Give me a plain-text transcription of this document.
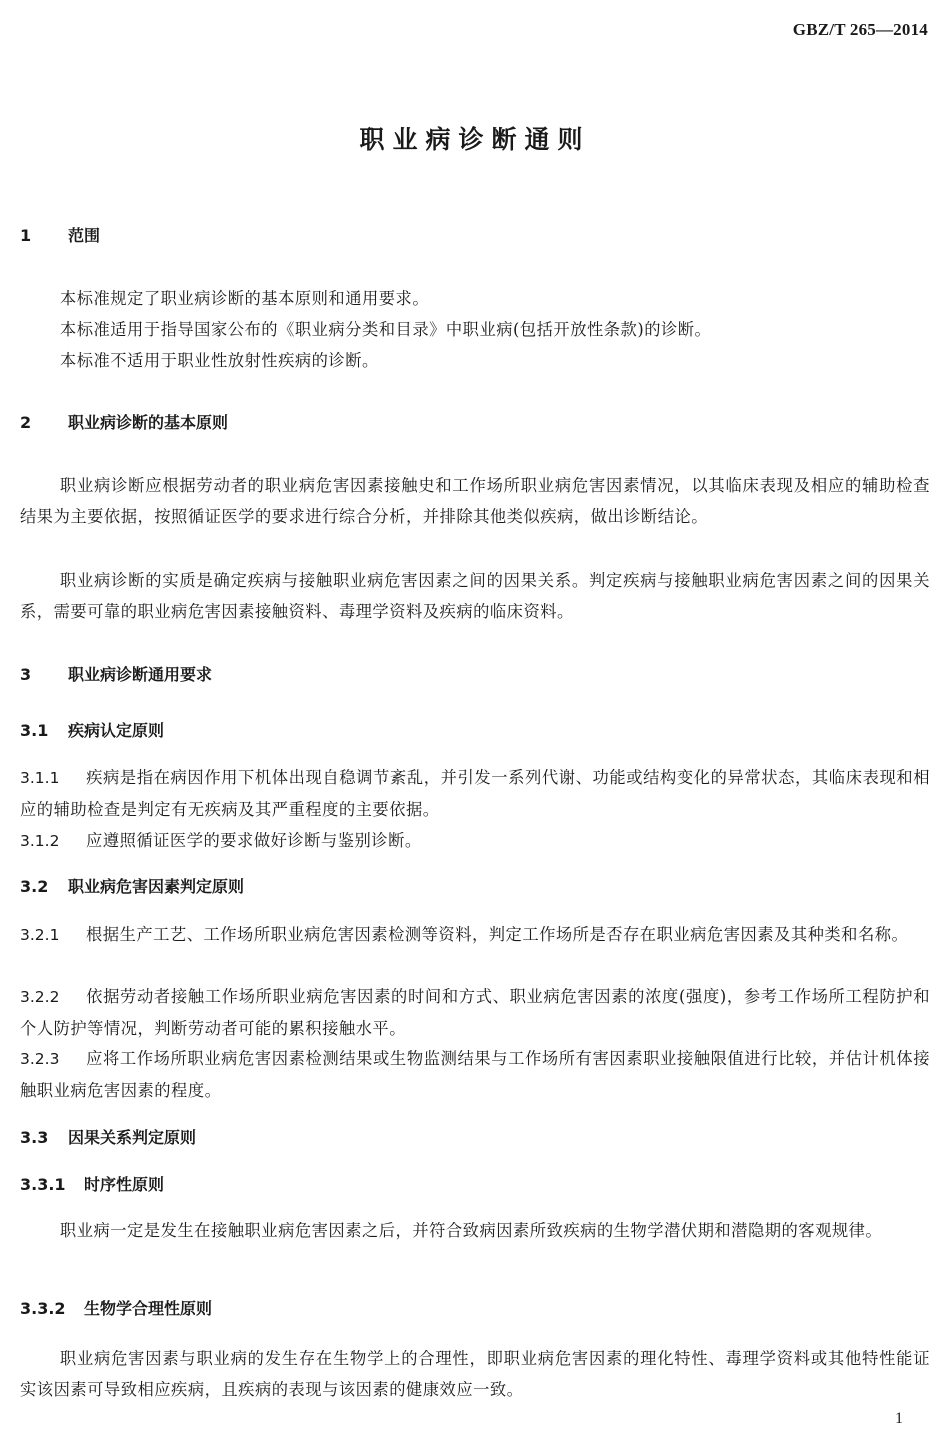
GBZ/T 265—2014
职业病诊断通则
1 范围
本标准规定了职业病诊断的基本原则和通用要求。
本标准适用于指导国家公布的《职业病分类和目录》中职业病(包括开放性条款)的诊断。
本标准不适用于职业性放射性疾病的诊断。
2 职业病诊断的基本原则
职业病诊断应根据劳动者的职业病危害因素接触史和工作场所职业病危害因素情况，以其临床表现及相应的辅助检查结果为主要依据，按照循证医学的要求进行综合分析，并排除其他类似疾病，做出诊断结论。
职业病诊断的实质是确定疾病与接触职业病危害因素之间的因果关系。判定疾病与接触职业病危害因素之间的因果关系，需要可靠的职业病危害因素接触资料、毒理学资料及疾病的临床资料。
3 职业病诊断通用要求
3.1 疾病认定原则
3.1.1 疾病是指在病因作用下机体出现自稳调节紊乱，并引发一系列代谢、功能或结构变化的异常状态，其临床表现和相应的辅助检查是判定有无疾病及其严重程度的主要依据。
3.1.2 应遵照循证医学的要求做好诊断与鉴别诊断。
3.2 职业病危害因素判定原则
3.2.1 根据生产工艺、工作场所职业病危害因素检测等资料，判定工作场所是否存在职业病危害因素及其种类和名称。
3.2.2 依据劳动者接触工作场所职业病危害因素的时间和方式、职业病危害因素的浓度(强度)，参考工作场所工程防护和个人防护等情况，判断劳动者可能的累积接触水平。
3.2.3 应将工作场所职业病危害因素检测结果或生物监测结果与工作场所有害因素职业接触限值进行比较，并估计机体接触职业病危害因素的程度。
3.3 因果关系判定原则
3.3.1 时序性原则
职业病一定是发生在接触职业病危害因素之后，并符合致病因素所致疾病的生物学潜伏期和潜隐期的客观规律。
3.3.2 生物学合理性原则
职业病危害因素与职业病的发生存在生物学上的合理性，即职业病危害因素的理化特性、毒理学资料或其他特性能证实该因素可导致相应疾病，且疾病的表现与该因素的健康效应一致。
1
